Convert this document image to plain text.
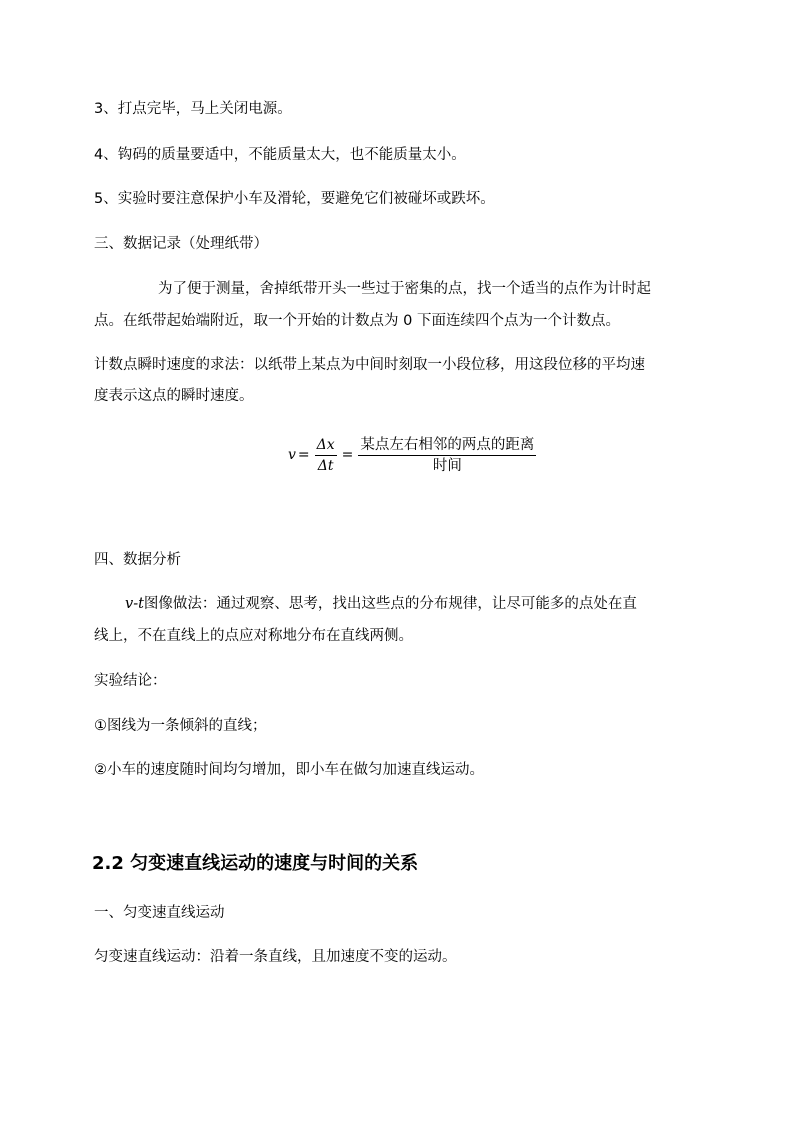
3、打点完毕，马上关闭电源。
4、钩码的质量要适中，不能质量太大，也不能质量太小。
5、实验时要注意保护小车及滑轮，要避免它们被碰坏或跌坏。
三、数据记录（处理纸带）
为了便于测量，舍掉纸带开头一些过于密集的点，找一个适当的点作为计时起
点。在纸带起始端附近，取一个开始的计数点为 0 下面连续四个点为一个计数点。
计数点瞬时速度的求法：以纸带上某点为中间时刻取一小段位移，用这段位移的平均速
度表示这点的瞬时速度。
$v = \frac{\Delta x}{\Delta t} = \frac{\text{某点左右相邻的两点的距离}}{\text{时间}}$
四、数据分析
v-t图像做法：通过观察、思考，找出这些点的分布规律，让尽可能多的点处在直
线上，不在直线上的点应对称地分布在直线两侧。
实验结论：
①图线为一条倾斜的直线；
②小车的速度随时间均匀增加，即小车在做匀加速直线运动。
2.2 匀变速直线运动的速度与时间的关系
一、匀变速直线运动
匀变速直线运动：沿着一条直线，且加速度不变的运动。
